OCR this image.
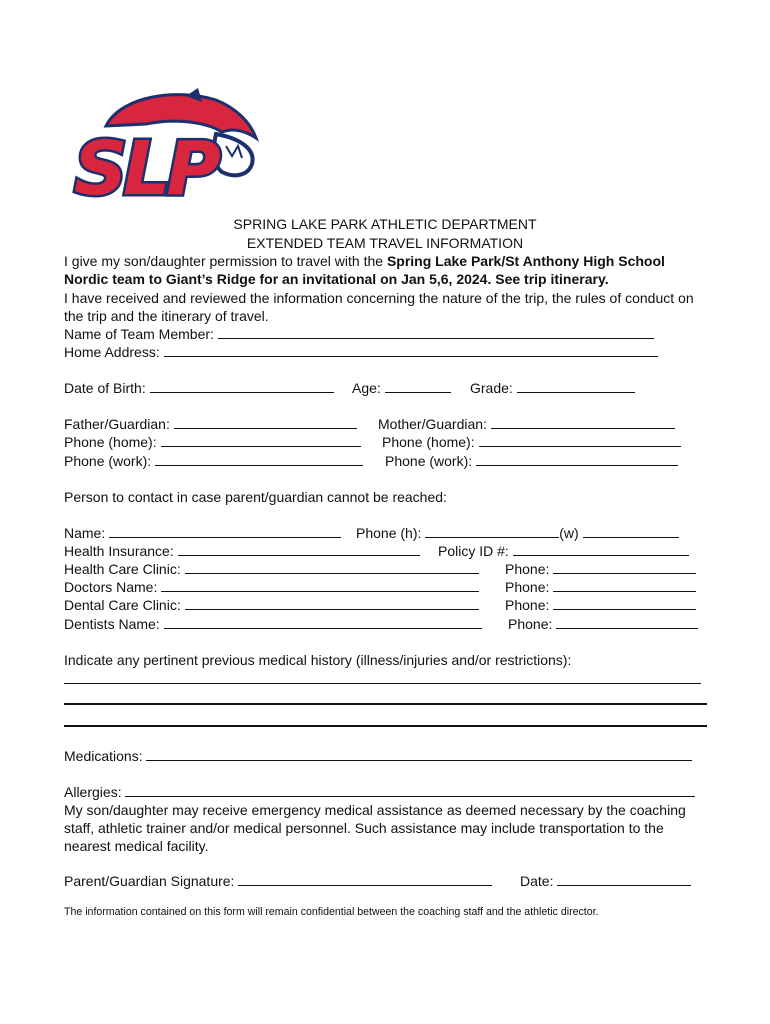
SLP
SPRING LAKE PARK ATHLETIC DEPARTMENT
EXTENDED TEAM TRAVEL INFORMATION
I give my son/daughter permission to travel with the Spring Lake Park/St Anthony High School Nordic team to Giant’s Ridge for an invitational on Jan 5,6, 2024. See trip itinerary.
I have received and reviewed the information concerning the nature of the trip, the rules of conduct on the trip and the itinerary of travel.
Name of Team Member:
Home Address:
Date of Birth:	Age:	Grade:
Father/Guardian:	Mother/Guardian:
Phone (home):	Phone (home):
Phone (work):	Phone (work):
Person to contact in case parent/guardian cannot be reached:
Name:	Phone (h):	(w)
Health Insurance:	Policy ID #:
Health Care Clinic:	Phone:
Doctors Name:	Phone:
Dental Care Clinic:	Phone:
Dentists Name:	Phone:
Indicate any pertinent previous medical history (illness/injuries and/or restrictions):
Medications:
Allergies:
My son/daughter may receive emergency medical assistance as deemed necessary by the coaching staff, athletic trainer and/or medical personnel. Such assistance may include transportation to the nearest medical facility.
Parent/Guardian Signature:	Date:
The information contained on this form will remain confidential between the coaching staff and the athletic director.
